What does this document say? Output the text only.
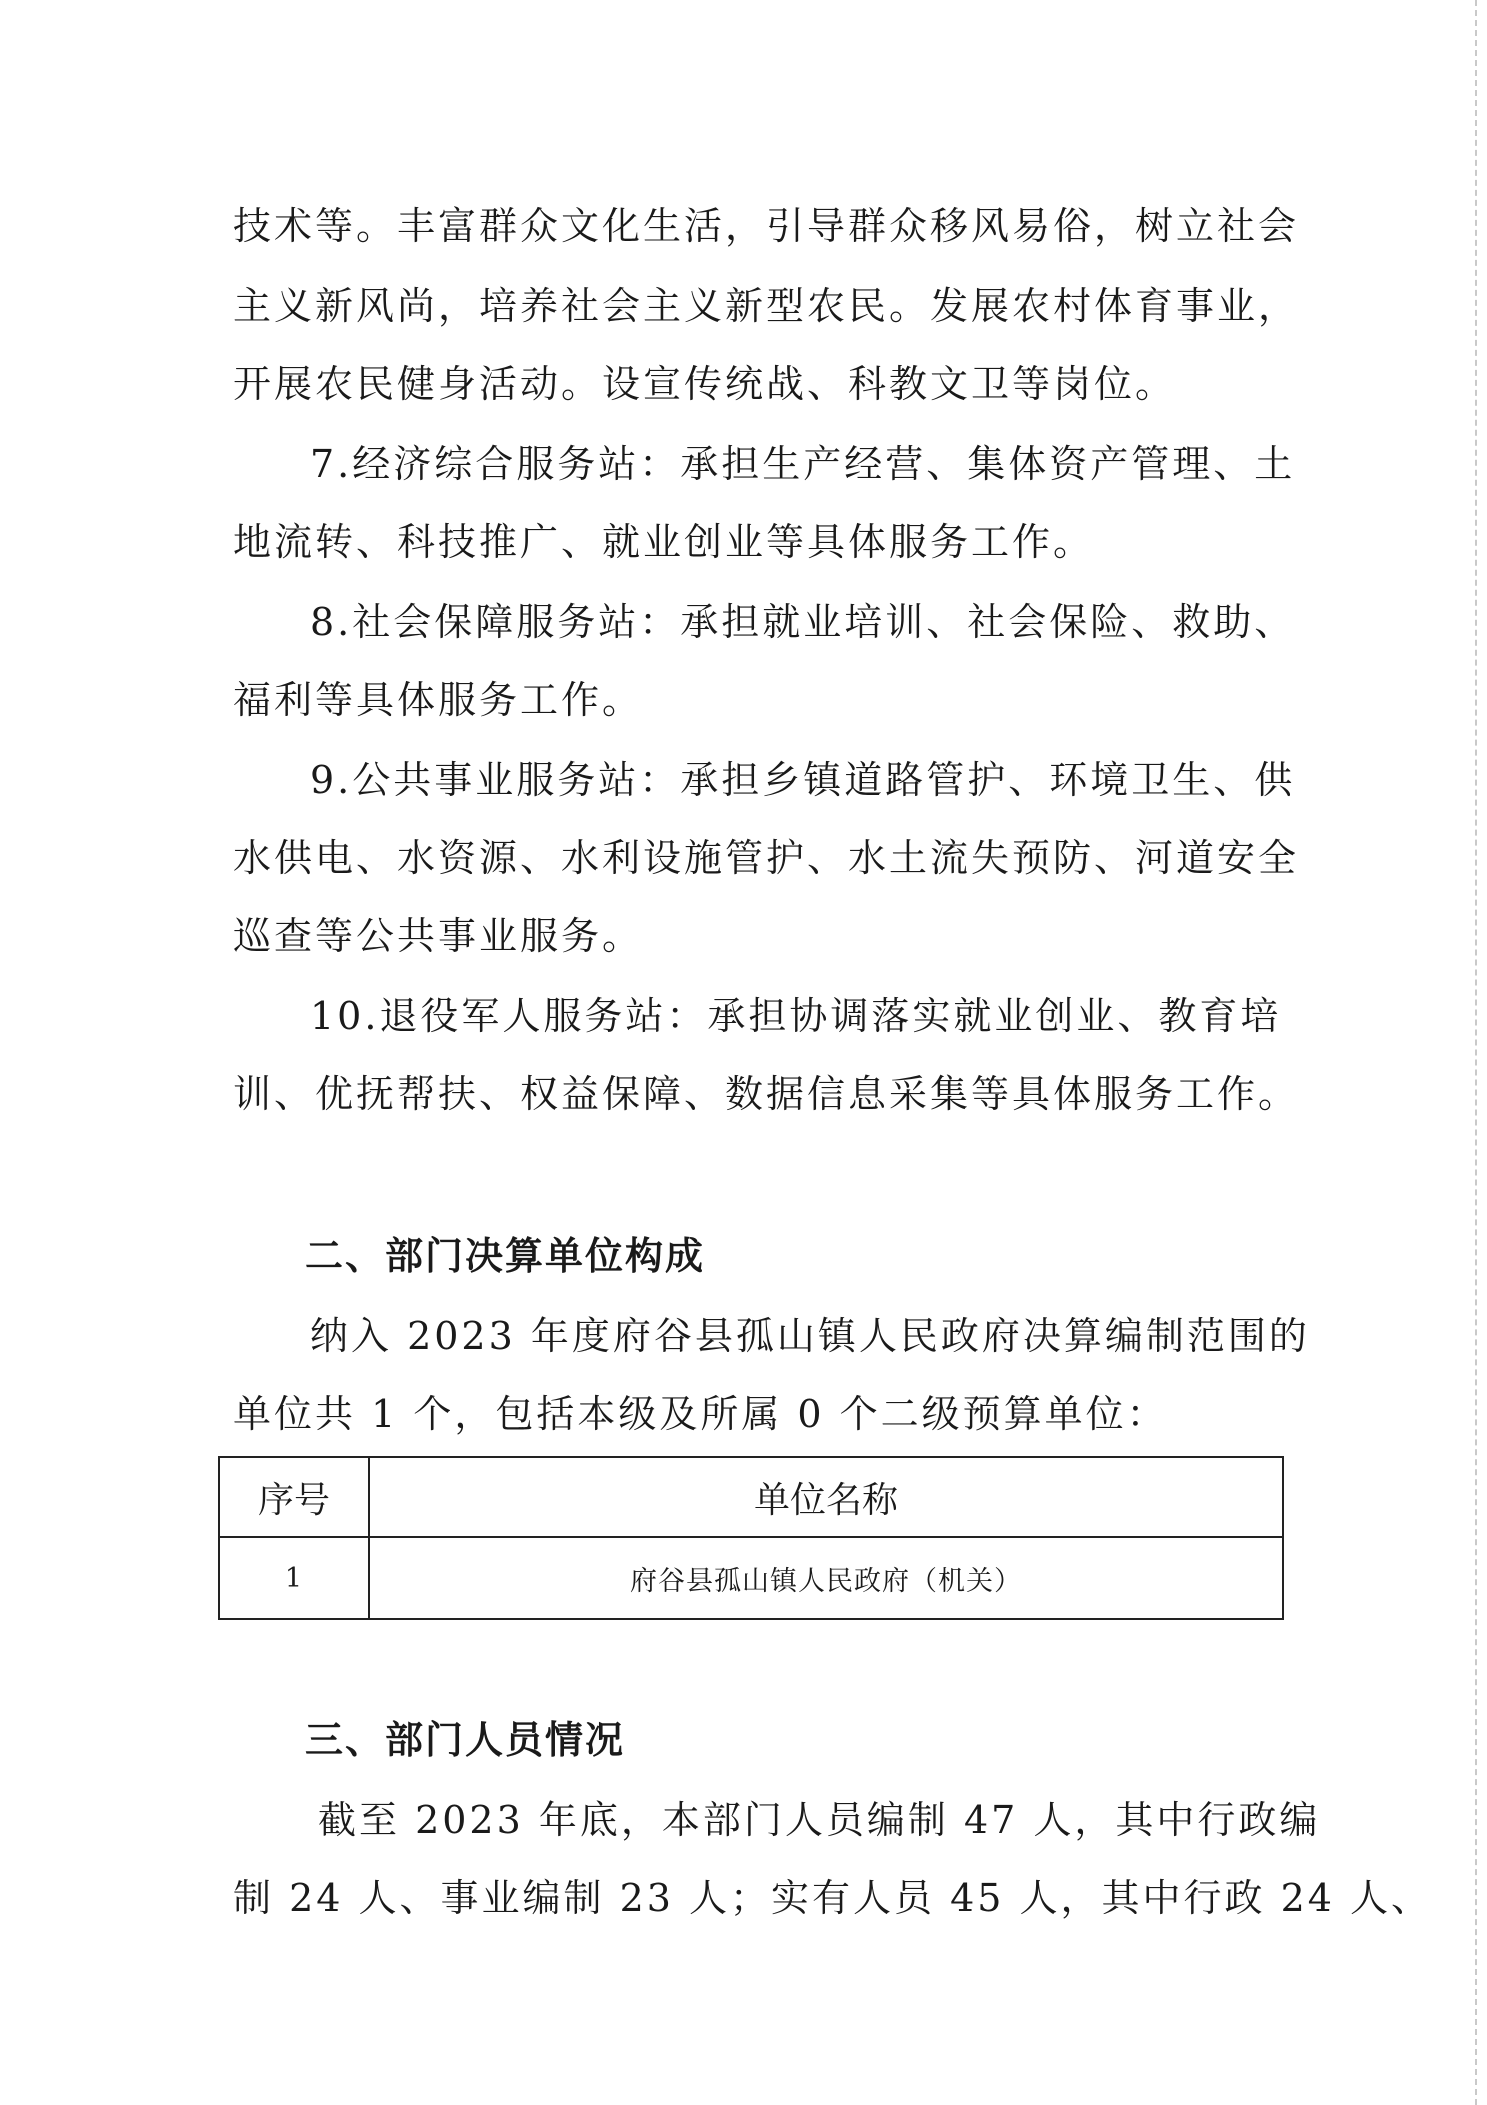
技术等。丰富群众文化生活，引导群众移风易俗，树立社会
主义新风尚，培养社会主义新型农民。发展农村体育事业，
开展农民健身活动。设宣传统战、科教文卫等岗位。
7.经济综合服务站：承担生产经营、集体资产管理、土
地流转、科技推广、就业创业等具体服务工作。
8.社会保障服务站：承担就业培训、社会保险、救助、
福利等具体服务工作。
9.公共事业服务站：承担乡镇道路管护、环境卫生、供
水供电、水资源、水利设施管护、水土流失预防、河道安全
巡查等公共事业服务。
10.退役军人服务站：承担协调落实就业创业、教育培
训、优抚帮扶、权益保障、数据信息采集等具体服务工作。
二、部门决算单位构成
纳入 2023 年度府谷县孤山镇人民政府决算编制范围的
单位共 1 个，包括本级及所属 0 个二级预算单位：
序号	单位名称
1	府谷县孤山镇人民政府（机关）
三、部门人员情况
截至 2023 年底，本部门人员编制 47 人，其中行政编
制 24 人、事业编制 23 人；实有人员 45 人，其中行政 24 人、
